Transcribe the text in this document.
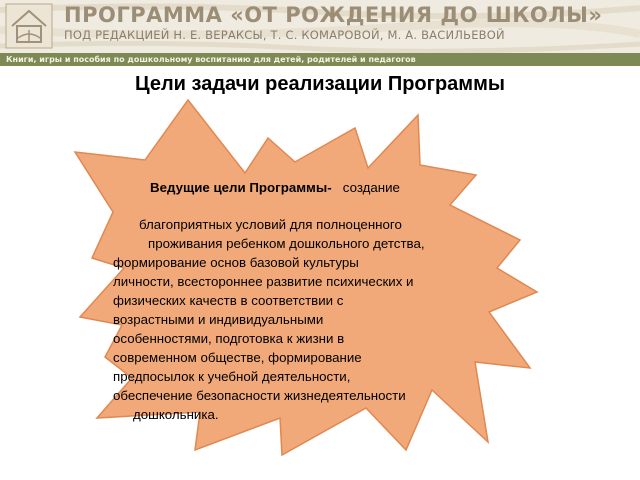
ПРОГРАММА «ОТ РОЖДЕНИЯ ДО ШКОЛЫ»
ПОД РЕДАКЦИЕЙ Н. Е. ВЕРАКСЫ, Т. С. КОМАРОВОЙ, М. А. ВАСИЛЬЕВОЙ
Книги, игры и пособия по дошкольному воспитанию для детей, родителей и педагогов
Цели задачи реализации Программы
Ведущие цели Программы-   создание
благоприятных условий для полноценного
проживания ребенком дошкольного детства,
формирование основ базовой культуры
личности, всестороннее развитие психических и
физических качеств в соответствии с
возрастными и индивидуальными
особенностями, подготовка к жизни в
современном обществе, формирование
предпосылок к учебной деятельности,
обеспечение безопасности жизнедеятельности
дошкольника.
